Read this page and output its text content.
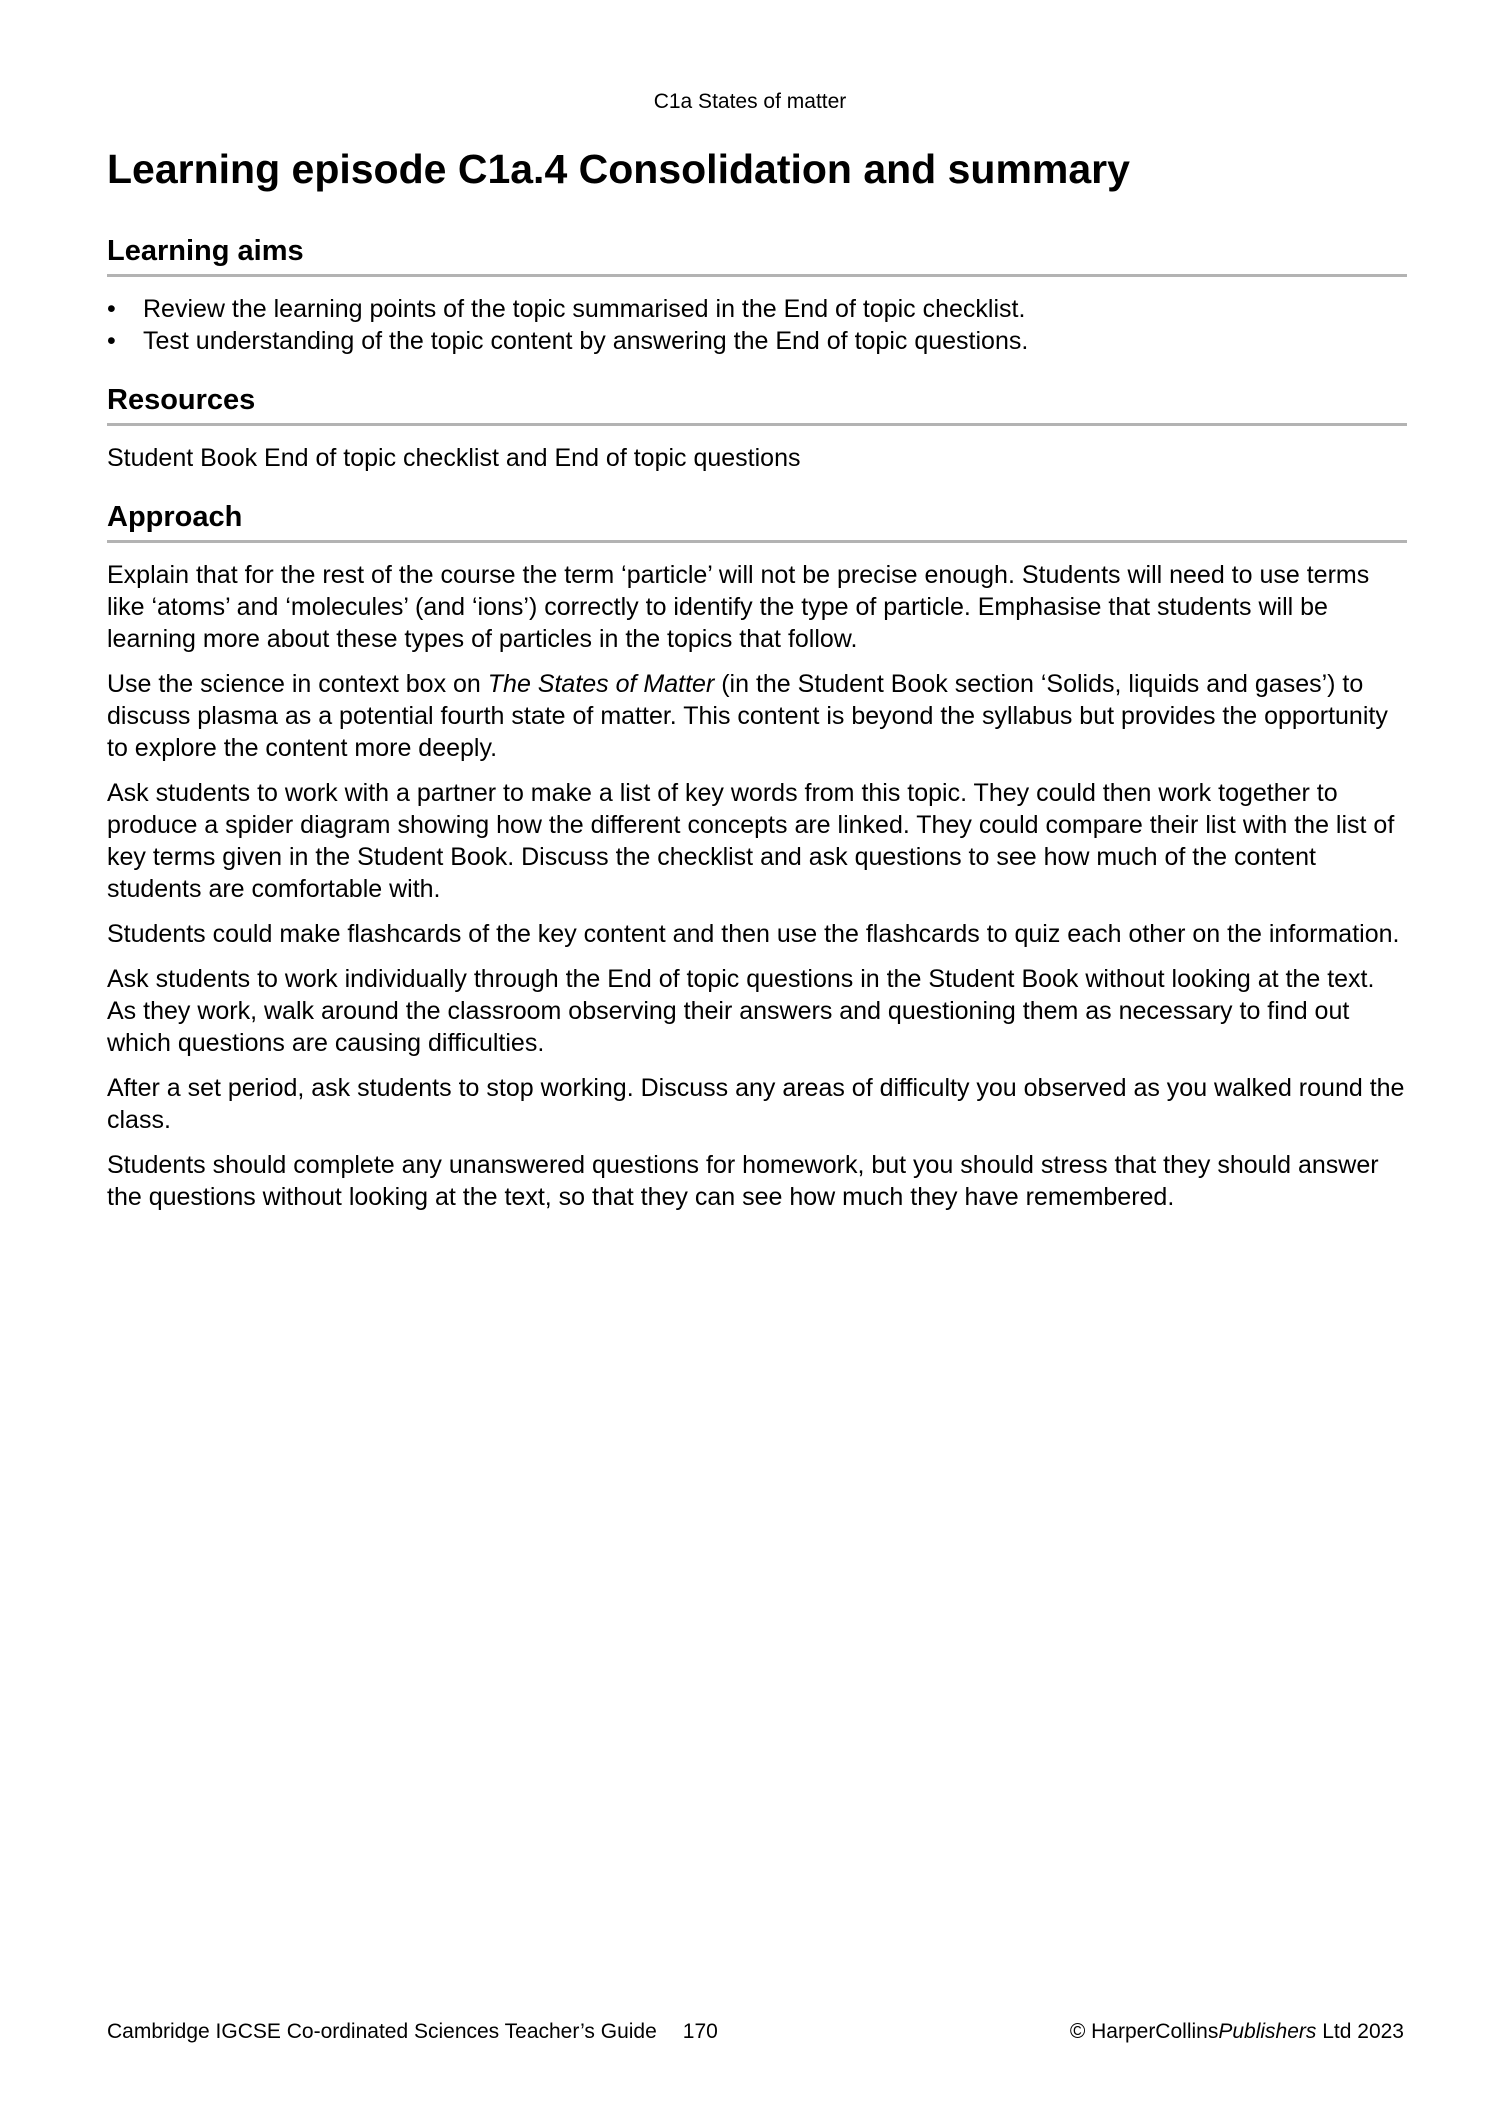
C1a States of matter
Learning episode C1a.4 Consolidation and summary
Learning aims
• Review the learning points of the topic summarised in the End of topic checklist.
• Test understanding of the topic content by answering the End of topic questions.
Resources

Student Book End of topic checklist and End of topic questions

Approach

Explain that for the rest of the course the term ‘particle’ will not be precise enough. Students will need to use terms like ‘atoms’ and ‘molecules’ (and ‘ions’) correctly to identify the type of particle. Emphasise that students will be learning more about these types of particles in the topics that follow.

Use the science in context box on The States of Matter (in the Student Book section ‘Solids, liquids and gases’) to discuss plasma as a potential fourth state of matter. This content is beyond the syllabus but provides the opportunity to explore the content more deeply.

Ask students to work with a partner to make a list of key words from this topic. They could then work together to produce a spider diagram showing how the different concepts are linked. They could compare their list with the list of key terms given in the Student Book. Discuss the checklist and ask questions to see how much of the content students are comfortable with.

Students could make flashcards of the key content and then use the flashcards to quiz each other on the information.

Ask students to work individually through the End of topic questions in the Student Book without looking at the text. As they work, walk around the classroom observing their answers and questioning them as necessary to find out which questions are causing difficulties.

After a set period, ask students to stop working. Discuss any areas of difficulty you observed as you walked round the class.

Students should complete any unanswered questions for homework, but you should stress that they should answer the questions without looking at the text, so that they can see how much they have remembered.

Cambridge IGCSE Co-ordinated Sciences Teacher’s Guide 170	© HarperCollinsPublishers Ltd 2023
